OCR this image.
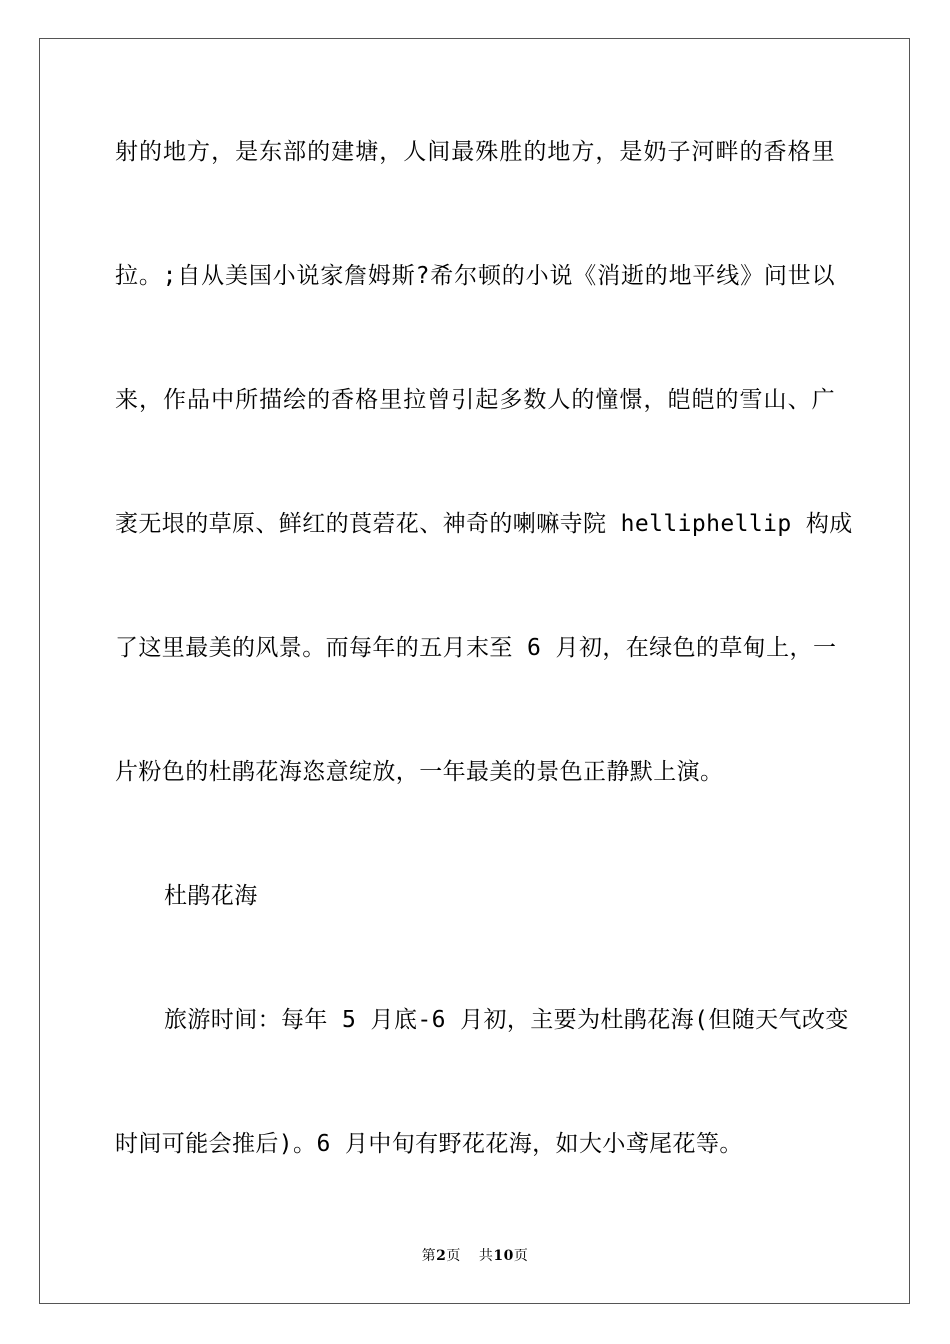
射的地方，是东部的建塘，人间最殊胜的地方，是奶子河畔的香格里
拉。;自从美国小说家詹姆斯?希尔顿的小说《消逝的地平线》问世以
来，作品中所描绘的香格里拉曾引起多数人的憧憬，皑皑的雪山、广
袤无垠的草原、鲜红的莨菪花、神奇的喇嘛寺院 helliphellip 构成
了这里最美的风景。而每年的五月末至 6 月初，在绿色的草甸上，一
片粉色的杜鹃花海恣意绽放，一年最美的景色正静默上演。
杜鹃花海
旅游时间：每年 5 月底-6 月初，主要为杜鹃花海(但随天气改变
时间可能会推后)。6 月中旬有野花花海，如大小鸢尾花等。
第2页 共10页
